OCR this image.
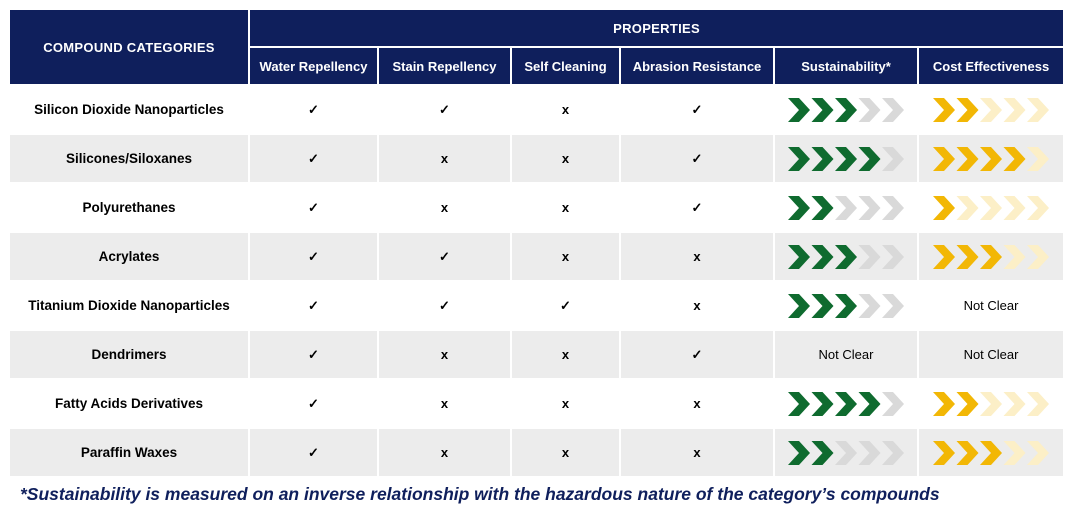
COMPOUND CATEGORIES	PROPERTIES					
	Water Repellency	Stain Repellency	Self Cleaning	Abrasion Resistance	Sustainability*	Cost Effectiveness
Silicon Dioxide Nanoparticles	✓	✓	x	✓	

Silicones/Siloxanes	✓	x	x	✓	

Polyurethanes	✓	x	x	✓	

Acrylates	✓	✓	x	x	

Titanium Dioxide Nanoparticles	✓	✓	✓	x		Not Clear
Dendrimers	✓	x	x	✓	Not Clear	Not Clear
Fatty Acids Derivatives	✓	x	x	x	

Paraffin Waxes	✓	x	x	x	

*Sustainability is measured on an inverse relationship with the hazardous nature of the category’s compounds
